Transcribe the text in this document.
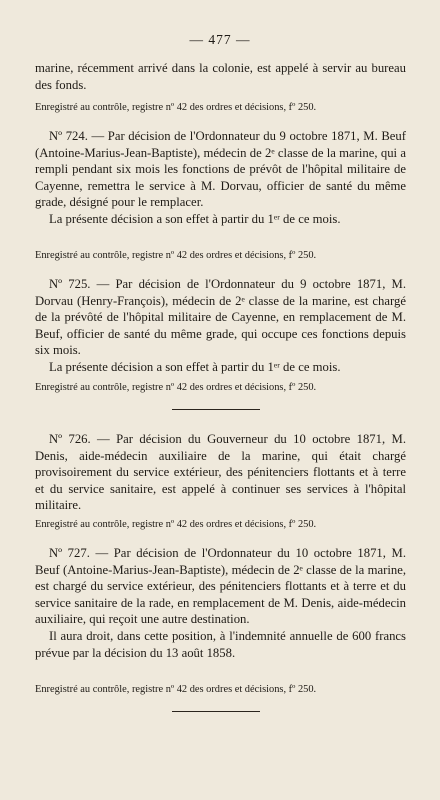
— 477 —

marine, récemment arrivé dans la colonie, est appelé à servir au bureau des fonds.

Enregistré au contrôle, registre nº 42 des ordres et décisions, fº 250.

Nº 724. — Par décision de l'Ordonnateur du 9 octobre 1871, M. Beuf (Antoine-Marius-Jean-Baptiste), médecin de 2ᵉ classe de la marine, qui a rempli pendant six mois les fonctions de prévôt de l'hôpital militaire de Cayenne, remettra le service à M. Dorvau, officier de santé du même grade, désigné pour le remplacer.

La présente décision a son effet à partir du 1ᵉʳ de ce mois.

Enregistré au contrôle, registre nº 42 des ordres et décisions, fº 250.

Nº 725. — Par décision de l'Ordonnateur du 9 octobre 1871, M. Dorvau (Henry-François), médecin de 2ᵉ classe de la marine, est chargé de la prévôté de l'hôpital militaire de Cayenne, en remplacement de M. Beuf, officier de santé du même grade, qui occupe ces fonctions depuis six mois.

La présente décision a son effet à partir du 1ᵉʳ de ce mois.

Enregistré au contrôle, registre nº 42 des ordres et décisions, fº 250.

Nº 726. — Par décision du Gouverneur du 10 octobre 1871, M. Denis, aide-médecin auxiliaire de la marine, qui était chargé provisoirement du service extérieur, des pénitenciers flottants et à terre et du service sanitaire, est appelé à continuer ses services à l'hôpital militaire.

Enregistré au contrôle, registre nº 42 des ordres et décisions, fº 250.

Nº 727. — Par décision de l'Ordonnateur du 10 octobre 1871, M. Beuf (Antoine-Marius-Jean-Baptiste), médecin de 2ᵉ classe de la marine, est chargé du service extérieur, des pénitenciers flottants et à terre et du service sanitaire de la rade, en remplacement de M. Denis, aide-médecin auxiliaire, qui reçoit une autre destination.

Il aura droit, dans cette position, à l'indemnité annuelle de 600 francs prévue par la décision du 13 août 1858.

Enregistré au contrôle, registre nº 42 des ordres et décisions, fº 250.
